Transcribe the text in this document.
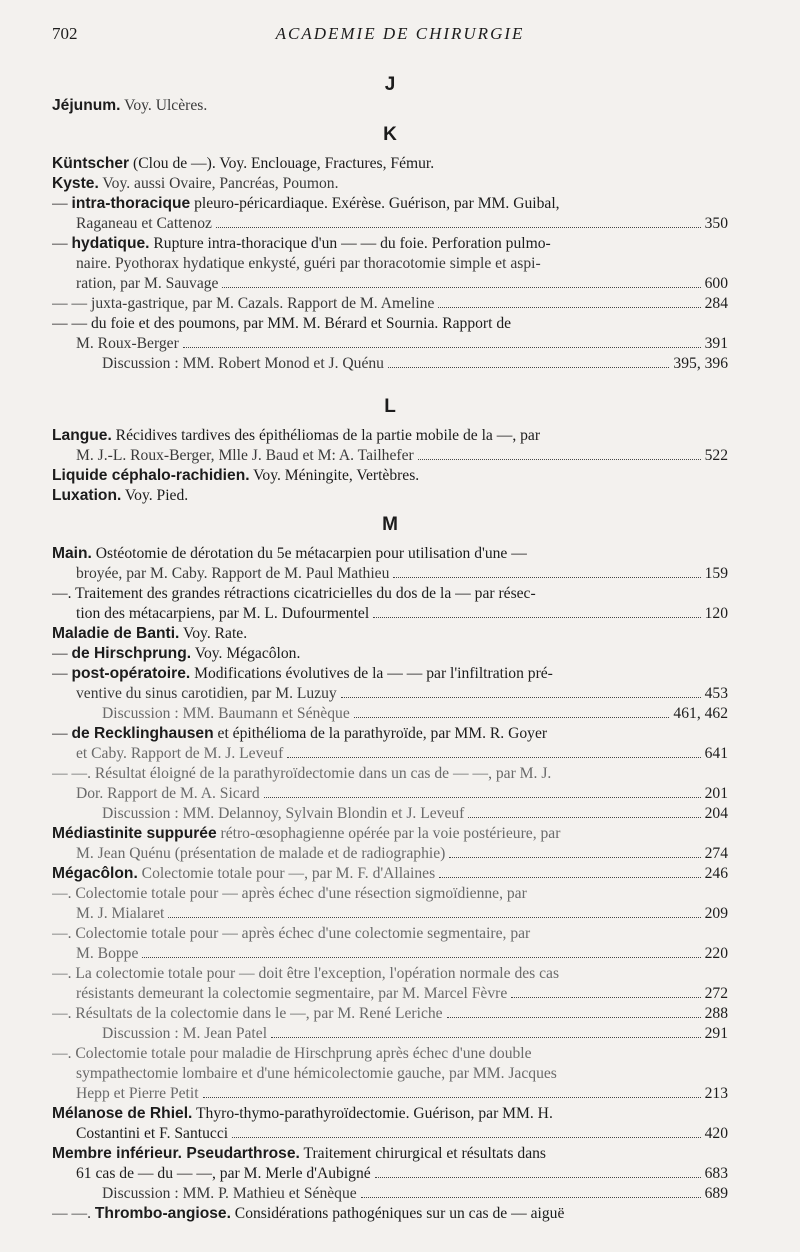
702	ACADEMIE DE CHIRURGIE
J
Jéjunum. Voy. Ulcères.
K
Küntscher (Clou de —). Voy. Enclouage, Fractures, Fémur.
Kyste. Voy. aussi Ovaire, Pancréas, Poumon.
— intra-thoracique pleuro-péricardiaque. Exérèse. Guérison, par MM. Guibal,
Raganeau et Cattenoz	350
— hydatique. Rupture intra-thoracique d'un — — du foie. Perforation pulmo-
naire. Pyothorax hydatique enkysté, guéri par thoracotomie simple et aspi-
ration, par M. Sauvage	600
— — juxta-gastrique, par M. Cazals. Rapport de M. Ameline	284
— — du foie et des poumons, par MM. M. Bérard et Sournia. Rapport de
M. Roux-Berger	391
Discussion : MM. Robert Monod et J. Quénu	395, 396
L
Langue. Récidives tardives des épithéliomas de la partie mobile de la —, par
M. J.-L. Roux-Berger, Mlle J. Baud et M: A. Tailhefer	522
Liquide céphalo-rachidien. Voy. Méningite, Vertèbres.
Luxation. Voy. Pied.
M
Main. Ostéotomie de dérotation du 5e métacarpien pour utilisation d'une —
broyée, par M. Caby. Rapport de M. Paul Mathieu	159
—. Traitement des grandes rétractions cicatricielles du dos de la — par résec-
tion des métacarpiens, par M. L. Dufourmentel	120
Maladie de Banti. Voy. Rate.
— de Hirschprung. Voy. Mégacôlon.
— post-opératoire. Modifications évolutives de la — — par l'infiltration pré-
ventive du sinus carotidien, par M. Luzuy	453
Discussion : MM. Baumann et Sénèque	461, 462
— de Recklinghausen et épithélioma de la parathyroïde, par MM. R. Goyer
et Caby. Rapport de M. J. Leveuf	641
— —. Résultat éloigné de la parathyroïdectomie dans un cas de — —, par M. J.
Dor. Rapport de M. A. Sicard	201
Discussion : MM. Delannoy, Sylvain Blondin et J. Leveuf	204
Médiastinite suppurée rétro-œsophagienne opérée par la voie postérieure, par
M. Jean Quénu (présentation de malade et de radiographie)	274
Mégacôlon. Colectomie totale pour —, par M. F. d'Allaines	246
—. Colectomie totale pour — après échec d'une résection sigmoïdienne, par
M. J. Mialaret	209
—. Colectomie totale pour — après échec d'une colectomie segmentaire, par
M. Boppe	220
—. La colectomie totale pour — doit être l'exception, l'opération normale des cas
résistants demeurant la colectomie segmentaire, par M. Marcel Fèvre	272
—. Résultats de la colectomie dans le —, par M. René Leriche	288
Discussion : M. Jean Patel	291
—. Colectomie totale pour maladie de Hirschprung après échec d'une double
sympathectomie lombaire et d'une hémicolectomie gauche, par MM. Jacques
Hepp et Pierre Petit	213
Mélanose de Rhiel. Thyro-thymo-parathyroïdectomie. Guérison, par MM. H.
Costantini et F. Santucci	420
Membre inférieur. Pseudarthrose. Traitement chirurgical et résultats dans
61 cas de — du — —, par M. Merle d'Aubigné	683
Discussion : MM. P. Mathieu et Sénèque	689
— —. Thrombo-angiose. Considérations pathogéniques sur un cas de — aiguë
